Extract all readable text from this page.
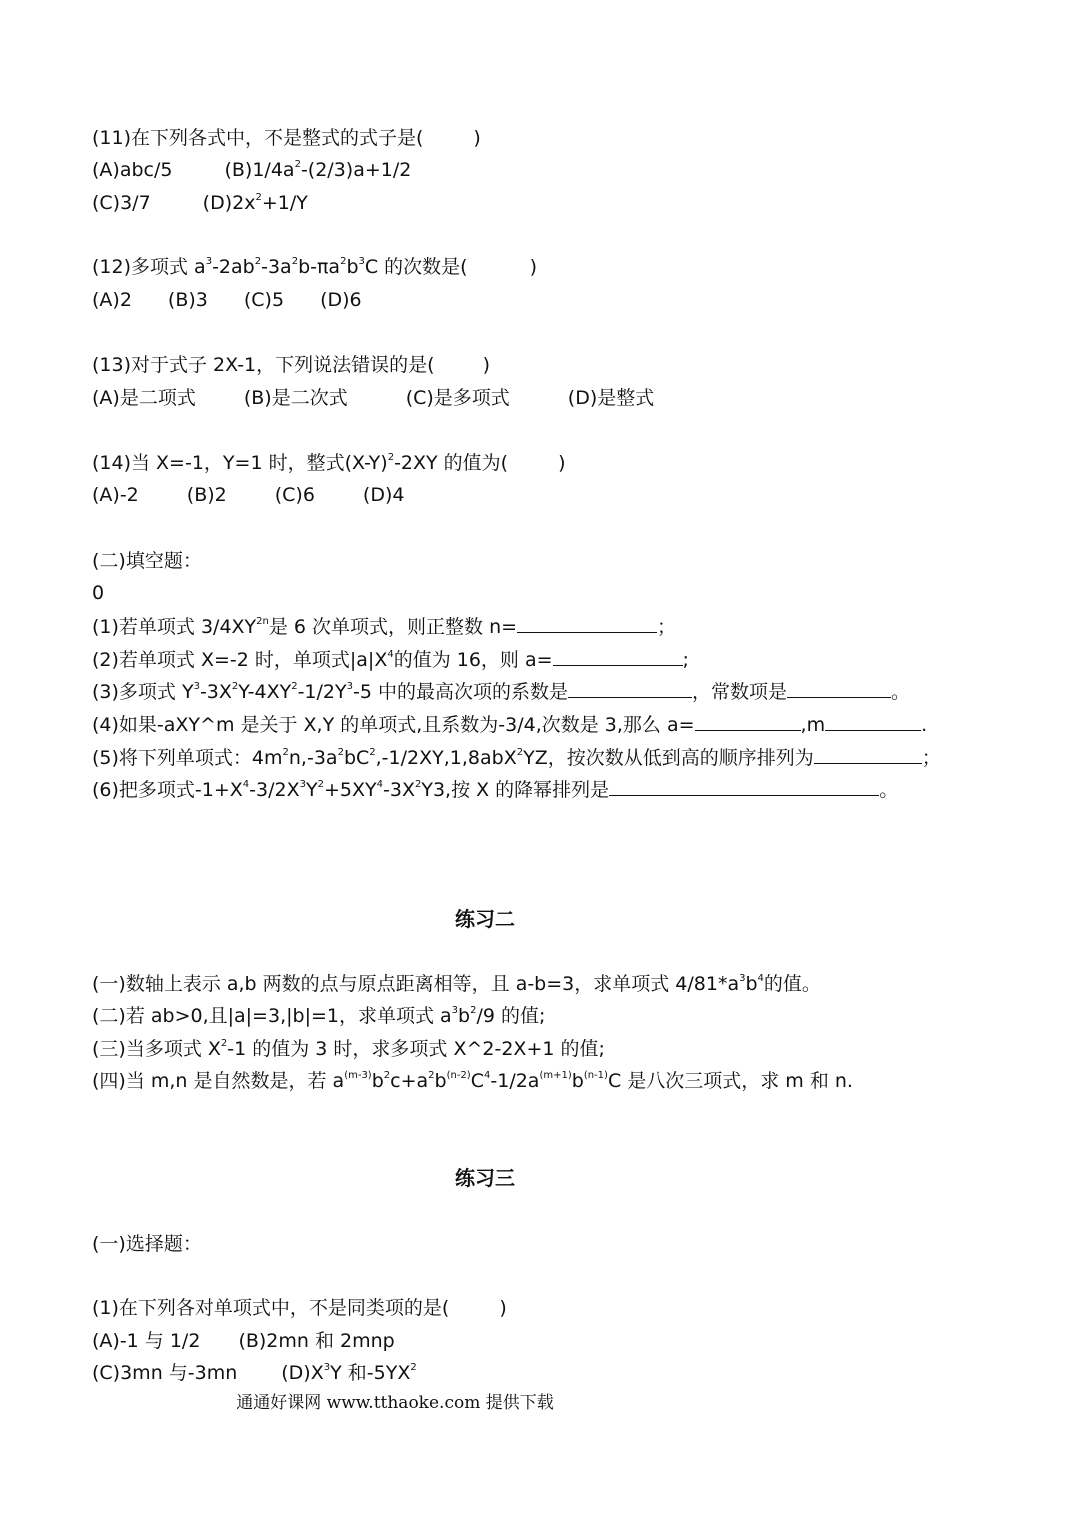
(11)在下列各式中，不是整式的式子是(	)
(A)abc/5	$(B)1/4a^2-(2/3)a+1/2$
(C)3/7	$(D)2x^2+1/Y$
(12)多项式 $a^3-2ab^2-3a^2b-\pi a^2b^3C$ 的次数是(	)
(A)2 (B)3 (C)5 (D)6
(13)对于式子 2X-1，下列说法错误的是(	)
(A)是二项式	(B)是二次式	(C)是多项式	(D)是整式
(14)当 X=-1，Y=1 时，整式$(X-Y)^2-2XY$ 的值为(	)
(A)-2	(B)2	(C)6	(D)4
(二)填空题：
0
(1)若单项式 $3/4XY^{2n}$是 6 次单项式，则正整数 n=	；
(2)若单项式 X=-2 时，单项式$|a|X^4$的值为 16，则 a=	;
(3)多项式 $Y^3-3X^2Y-4XY^2-1/2Y^3-5$ 中的最高次项的系数是	，常数项是	。
(4)如果-aXY^m 是关于 X,Y 的单项式,且系数为-3/4,次数是 3,那么 a=	,m	.
(5)将下列单项式：$4m^2n,-3a^2bC^2,-1/2XY,1,8abX^2YZ$，按次数从低到高的顺序排列为	；
(6)把多项式$-1+X^4-3/2X^3Y^2+5XY^4-3X^2Y3$,按 X 的降幂排列是	。
练习二
(一)数轴上表示 a,b 两数的点与原点距离相等，且 a-b=3，求单项式 $4/81*a^3b^4$的值。
(二)若 ab>0,且|a|=3,|b|=1，求单项式 $a^3b^2/9$ 的值;
(三)当多项式 $X^2-1$ 的值为 3 时，求多项式 X^2-2X+1 的值;
(四)当 m,n 是自然数是，若 $a^{(m-3)}b^2c+a^2b^{(n-2)}C^4-1/2a^{(m+1)}b^{(n-1)}C$ 是八次三项式，求 m 和 n.
练习三
(一)选择题：
(1)在下列各对单项式中，不是同类项的是(	)
(A)-1 与 1/2 (B)2mn 和 2mnp
(C)3mn 与-3mn $(D)X^3Y$ 和$-5YX^2$
通通好课网 www.tthaoke.com 提供下载
